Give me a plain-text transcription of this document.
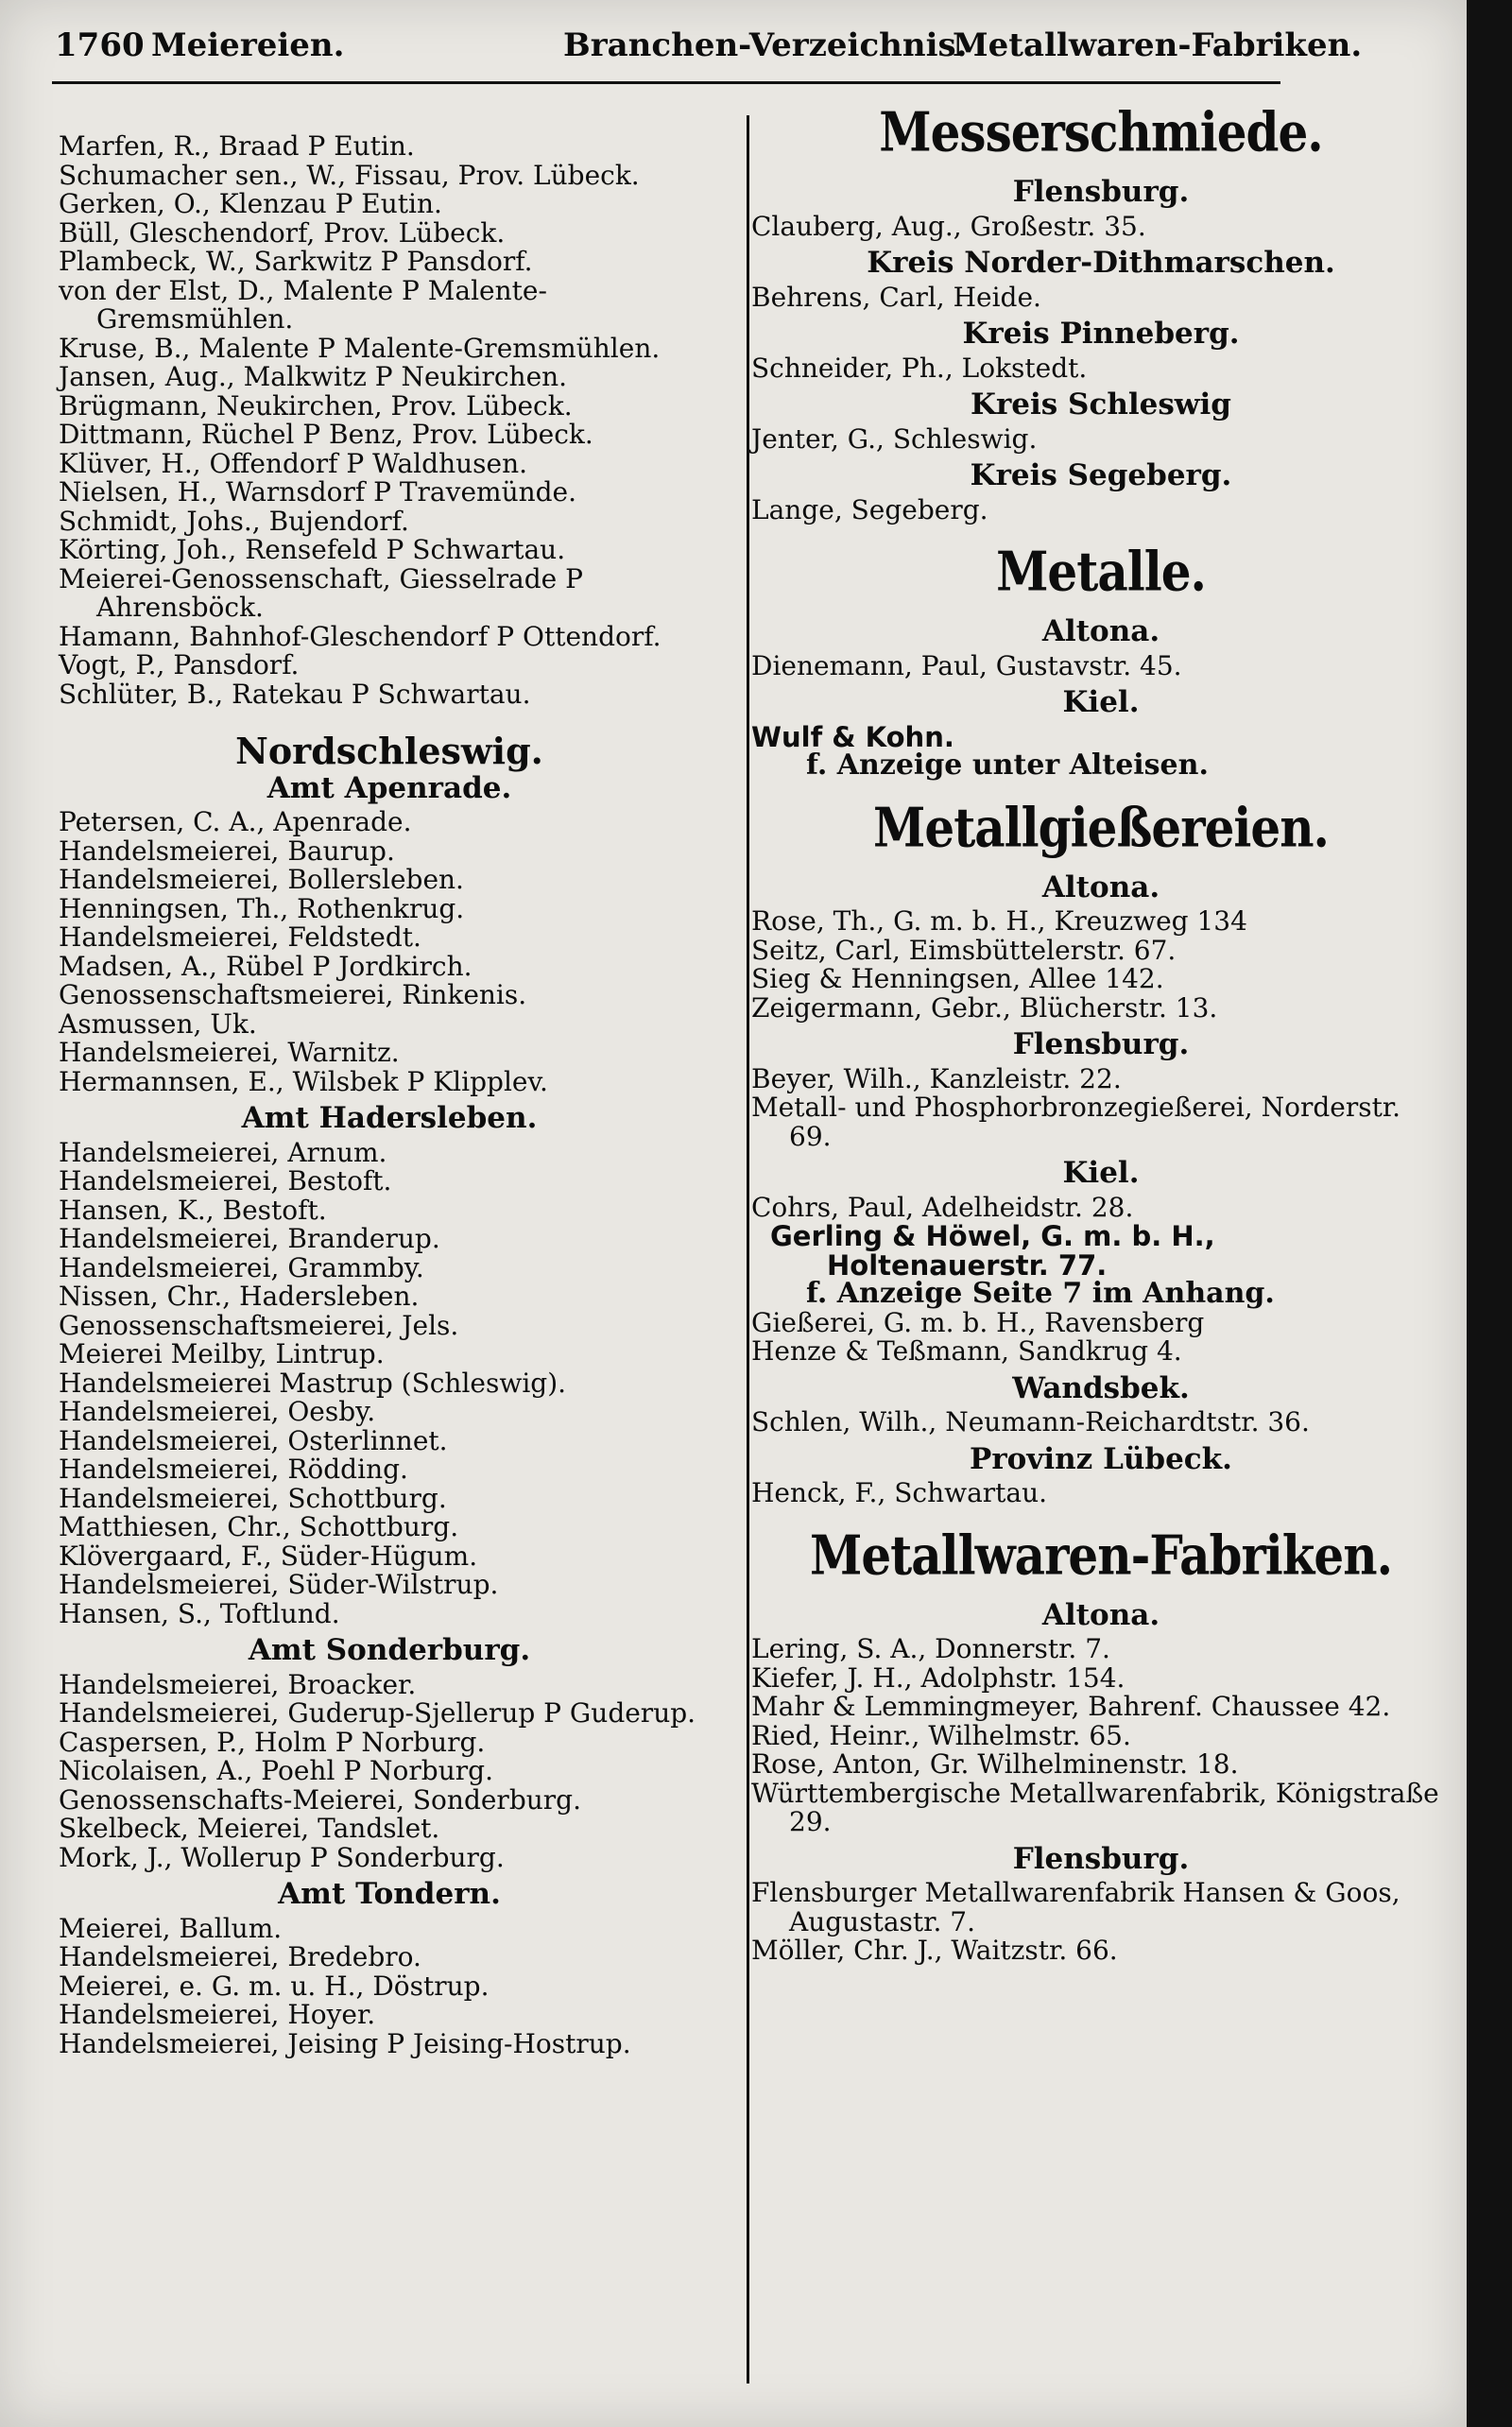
1760 Meiereien.	Branchen-Verzeichnis.
Metallwaren-Fabriken.
Marfen, R., Braad P Eutin.
Schumacher sen., W., Fissau, Prov. Lübeck.
Gerken, O., Klenzau P Eutin.
Büll, Gleschendorf, Prov. Lübeck.
Plambeck, W., Sarkwitz P Pansdorf.
von der Elst, D., Malente P Malente-Gremsmühlen.
Kruse, B., Malente P Malente-Gremsmühlen.
Jansen, Aug., Malkwitz P Neukirchen.
Brügmann, Neukirchen, Prov. Lübeck.
Dittmann, Rüchel P Benz, Prov. Lübeck.
Klüver, H., Offendorf P Waldhusen.
Nielsen, H., Warnsdorf P Travemünde.
Schmidt, Johs., Bujendorf.
Körting, Joh., Rensefeld P Schwartau.
Meierei-Genossenschaft, Giesselrade P Ahrensböck.
Hamann, Bahnhof-Gleschendorf P Ottendorf.
Vogt, P., Pansdorf.
Schlüter, B., Ratekau P Schwartau.
Nordschleswig.
Amt Apenrade.
Petersen, C. A., Apenrade.
Handelsmeierei, Baurup.
Handelsmeierei, Bollersleben.
Henningsen, Th., Rothenkrug.
Handelsmeierei, Feldstedt.
Madsen, A., Rübel P Jordkirch.
Genossenschaftsmeierei, Rinkenis.
Asmussen, Uk.
Handelsmeierei, Warnitz.
Hermannsen, E., Wilsbek P Klipplev.
Amt Hadersleben.
Handelsmeierei, Arnum.
Handelsmeierei, Bestoft.
Hansen, K., Bestoft.
Handelsmeierei, Branderup.
Handelsmeierei, Grammby.
Nissen, Chr., Hadersleben.
Genossenschaftsmeierei, Jels.
Meierei Meilby, Lintrup.
Handelsmeierei Mastrup (Schleswig).
Handelsmeierei, Oesby.
Handelsmeierei, Osterlinnet.
Handelsmeierei, Rödding.
Handelsmeierei, Schottburg.
Matthiesen, Chr., Schottburg.
Klövergaard, F., Süder-Hügum.
Handelsmeierei, Süder-Wilstrup.
Hansen, S., Toftlund.
Amt Sonderburg.
Handelsmeierei, Broacker.
Handelsmeierei, Guderup-Sjellerup P Guderup.
Caspersen, P., Holm P Norburg.
Nicolaisen, A., Poehl P Norburg.
Genossenschafts-Meierei, Sonderburg.
Skelbeck, Meierei, Tandslet.
Mork, J., Wollerup P Sonderburg.
Amt Tondern.
Meierei, Ballum.
Handelsmeierei, Bredebro.
Meierei, e. G. m. u. H., Döstrup.
Handelsmeierei, Hoyer.
Handelsmeierei, Jeising P Jeising-Hostrup.
Messerschmiede.
Flensburg.
Clauberg, Aug., Großestr. 35.
Kreis Norder-Dithmarschen.
Behrens, Carl, Heide.
Kreis Pinneberg.
Schneider, Ph., Lokstedt.
Kreis Schleswig
Jenter, G., Schleswig.
Kreis Segeberg.
Lange, Segeberg.
Metalle.
Altona.
Dienemann, Paul, Gustavstr. 45.
Kiel.
Wulf & Kohn.
f. Anzeige unter Alteisen.
Metallgießereien.
Altona.
Rose, Th., G. m. b. H., Kreuzweg 134
Seitz, Carl, Eimsbüttelerstr. 67.
Sieg & Henningsen, Allee 142.
Zeigermann, Gebr., Blücherstr. 13.
Flensburg.
Beyer, Wilh., Kanzleistr. 22.
Metall- und Phosphorbronzegießerei, Norderstr. 69.
Kiel.
Cohrs, Paul, Adelheidstr. 28.
Gerling & Höwel, G. m. b. H.,
Holtenauerstr. 77.
f. Anzeige Seite 7 im Anhang.
Gießerei, G. m. b. H., Ravensberg
Henze & Teßmann, Sandkrug 4.
Wandsbek.
Schlen, Wilh., Neumann-Reichardtstr. 36.
Provinz Lübeck.
Henck, F., Schwartau.
Metallwaren-Fabriken.
Altona.
Lering, S. A., Donnerstr. 7.
Kiefer, J. H., Adolphstr. 154.
Mahr & Lemmingmeyer, Bahrenf. Chaussee 42.
Ried, Heinr., Wilhelmstr. 65.
Rose, Anton, Gr. Wilhelminenstr. 18.
Württembergische Metallwarenfabrik, Königstraße 29.
Flensburg.
Flensburger Metallwarenfabrik Hansen & Goos, Augustastr. 7.
Möller, Chr. J., Waitzstr. 66.
